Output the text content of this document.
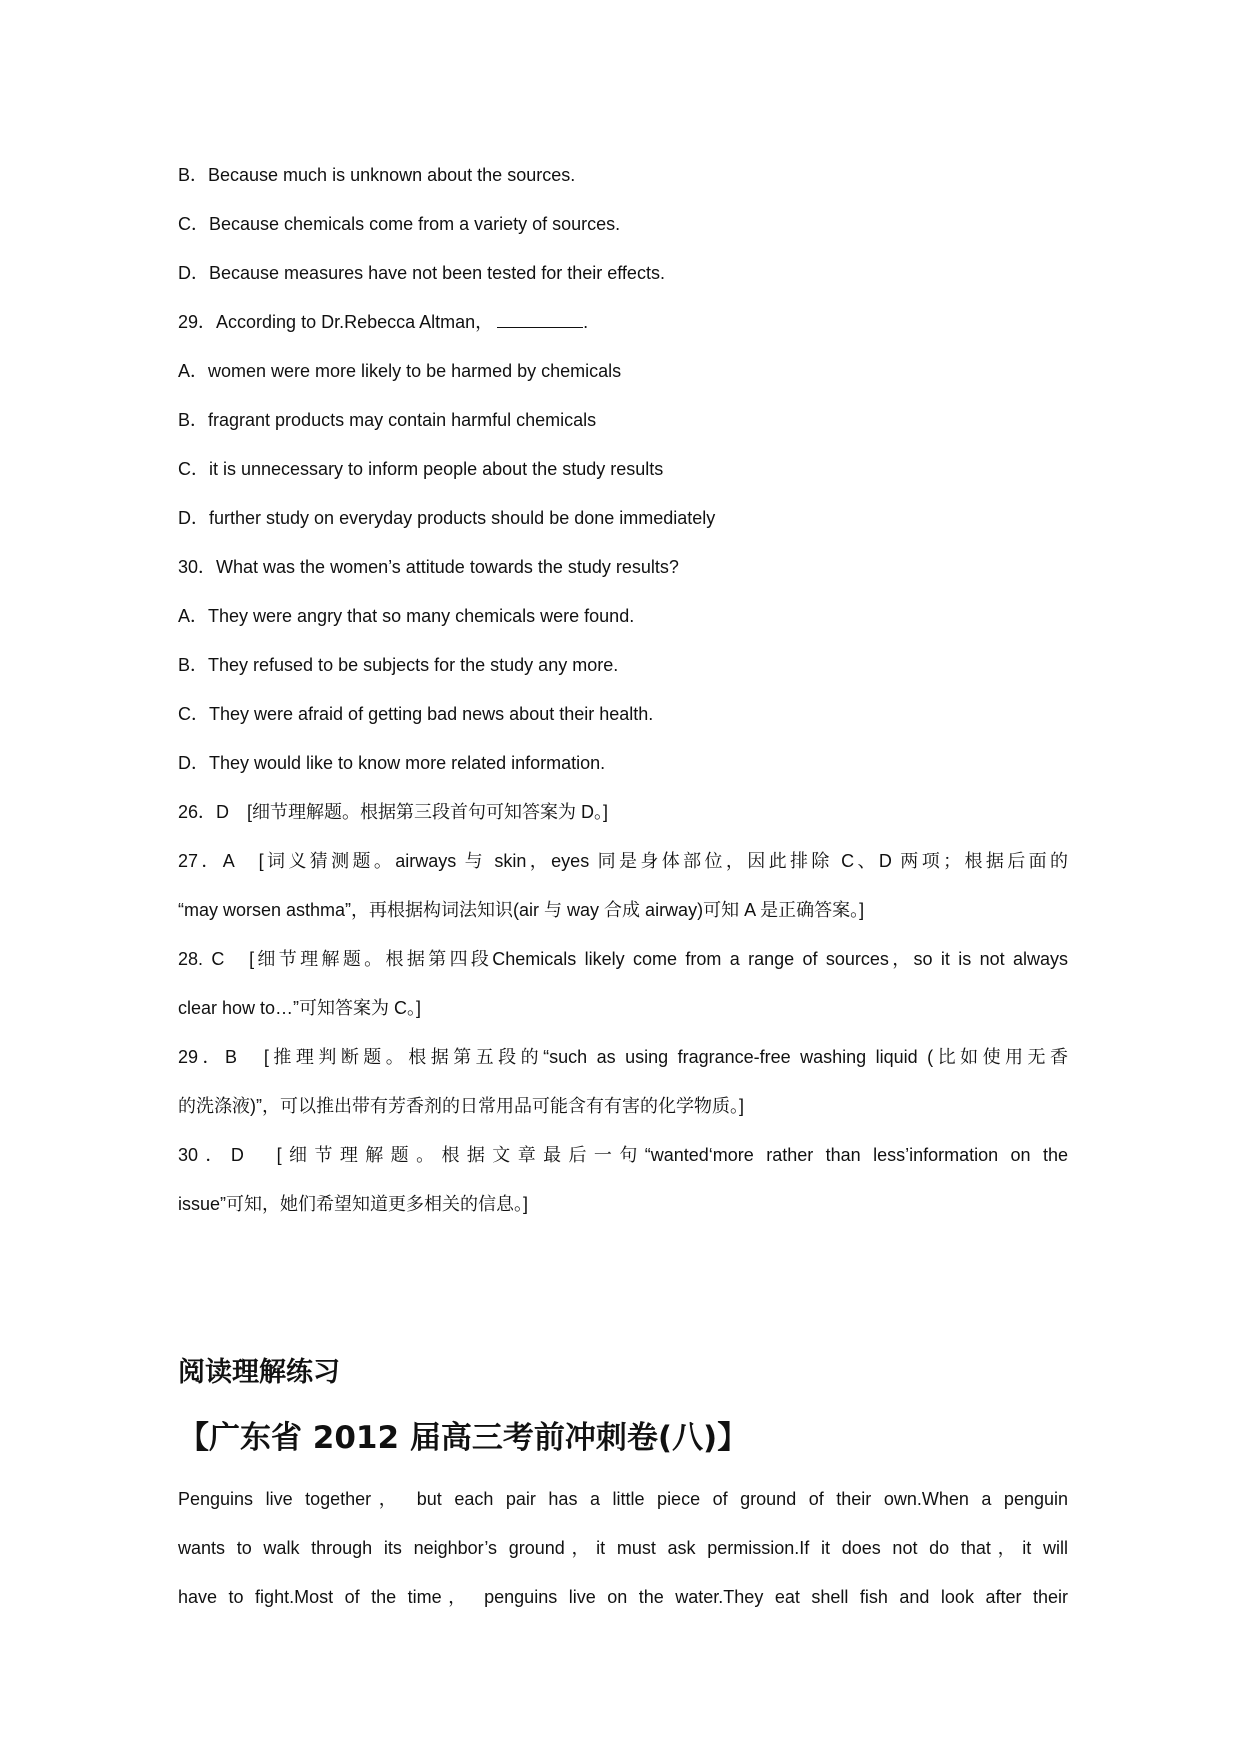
B．Because much is unknown about the sources.
C．Because chemicals come from a variety of sources.
D．Because measures have not been tested for their effects.
29．According to Dr.Rebecca Altman，	.
A．women were more likely to be harmed by chemicals
B．fragrant products may contain harmful chemicals
C．it is unnecessary to inform people about the study results
D．further study on everyday products should be done immediately
30．What was the women’s attitude towards the study results?
A．They were angry that so many chemicals were found.
B．They refused to be subjects for the study any more.
C．They were afraid of getting bad news about their health.
D．They would like to know more related information.
26．D　[细节理解题。根据第三段首句可知答案为 D。]
27．A　[词义猜测题。airways 与 skin，eyes 同是身体部位，因此排除 C、D 两项；根据后面的
“may worsen asthma”，再根据构词法知识(air 与 way 合成 airway)可知 A 是正确答案。]
28. C　[细节理解题。根据第四段Chemicals likely come from a range of sources，so it is not always
clear how to…”可知答案为 C。]
29．B　[推理判断题。根据第五段的“such as using fragrance-free washing liquid (比如使用无香
的洗涤液)”，可以推出带有芳香剂的日常用品可能含有有害的化学物质。]
30．D　[细节理解题。根据文章最后一句“wanted‘more rather than less’information on the
issue”可知，她们希望知道更多相关的信息。]
阅读理解练习
【广东省 2012 届高三考前冲刺卷(八)】
Penguins live together， but each pair has a little piece of ground of their own.When a penguin
wants to walk through its neighbor’s ground，it must ask permission.If it does not do that，it will
have to fight.Most of the time， penguins live on the water.They eat shell fish and look after their
